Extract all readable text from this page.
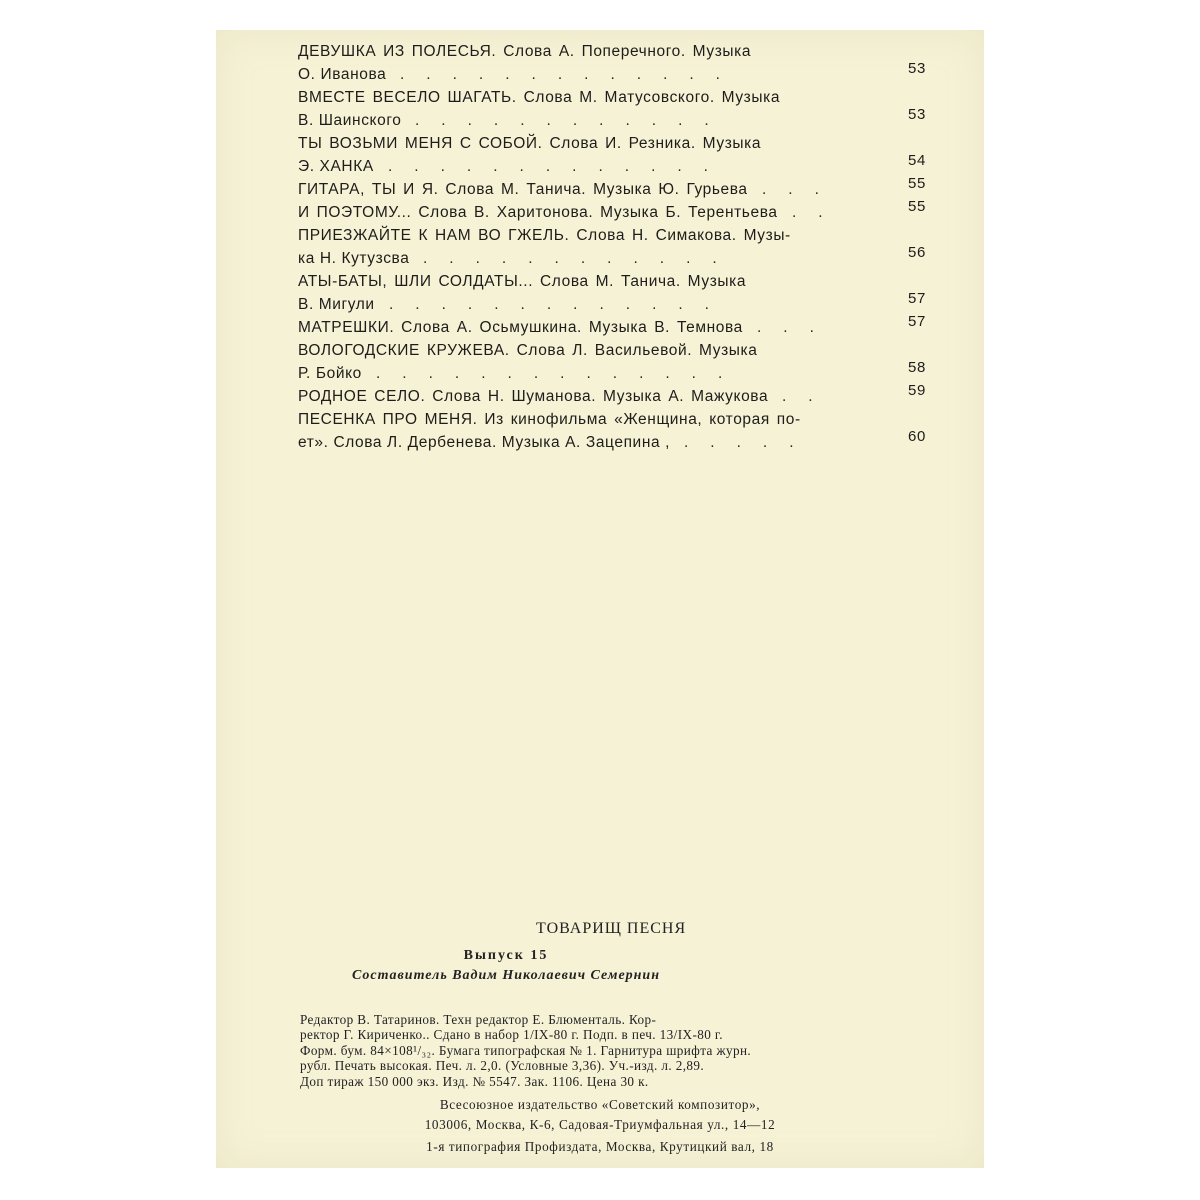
ДЕВУШКА ИЗ ПОЛЕСЬЯ. Слова А. Поперечного. Музыка
О. Иванова .............	53
ВМЕСТЕ ВЕСЕЛО ШАГАТЬ. Слова М. Матусовского. Музыка
В. Шаинского ............	53
ТЫ ВОЗЬМИ МЕНЯ С СОБОЙ. Слова И. Резника. Музыка
Э. ХАНКА .............	54
ГИТАРА, ТЫ И Я. Слова М. Танича. Музыка Ю. Гурьева ...	55
И ПОЭТОМУ... Слова В. Харитонова. Музыка Б. Терентьева ..	55
ПРИЕЗЖАЙТЕ К НАМ ВО ГЖЕЛЬ. Слова Н. Симакова. Музы-
ка Н. Кутузсва ............	56
АТЫ-БАТЫ, ШЛИ СОЛДАТЫ... Слова М. Танича. Музыка
В. Мигули .............	57
МАТРЕШКИ. Слова А. Осьмушкина. Музыка В. Темнова ...	57
ВОЛОГОДСКИЕ КРУЖЕВА. Слова Л. Васильевой. Музыка
Р. Бойко ..............	58
РОДНОЕ СЕЛО. Слова Н. Шуманова. Музыка А. Мажукова ..	59
ПЕСЕНКА ПРО МЕНЯ. Из кинофильма «Женщина, которая по-
ет». Слова Л. Дербенева. Музыка А. Зацепина , .....	60
ТОВАРИЩ ПЕСНЯ
Выпуск 15
Составитель Вадим Николаевич Семернин
Редактор В. Татаринов. Техн редактор Е. Блюменталь. Кор-
ректор Г. Кириченко.. Сдано в набор 1/IX-80 г. Подп. в печ. 13/IX-80 г.
Форм. бум. 84×108¹/₃₂. Бумага типографская № 1. Гарнитура шрифта журн.
рубл. Печать высокая. Печ. л. 2,0. (Условные 3,36). Уч.-изд. л. 2,89.
Доп тираж 150 000 экз. Изд. № 5547. Зак. 1106. Цена 30 к.
Всесоюзное издательство «Советский композитор»,
103006, Москва, К-6, Садовая-Триумфальная ул., 14—12
1-я типография Профиздата, Москва, Крутицкий вал, 18
